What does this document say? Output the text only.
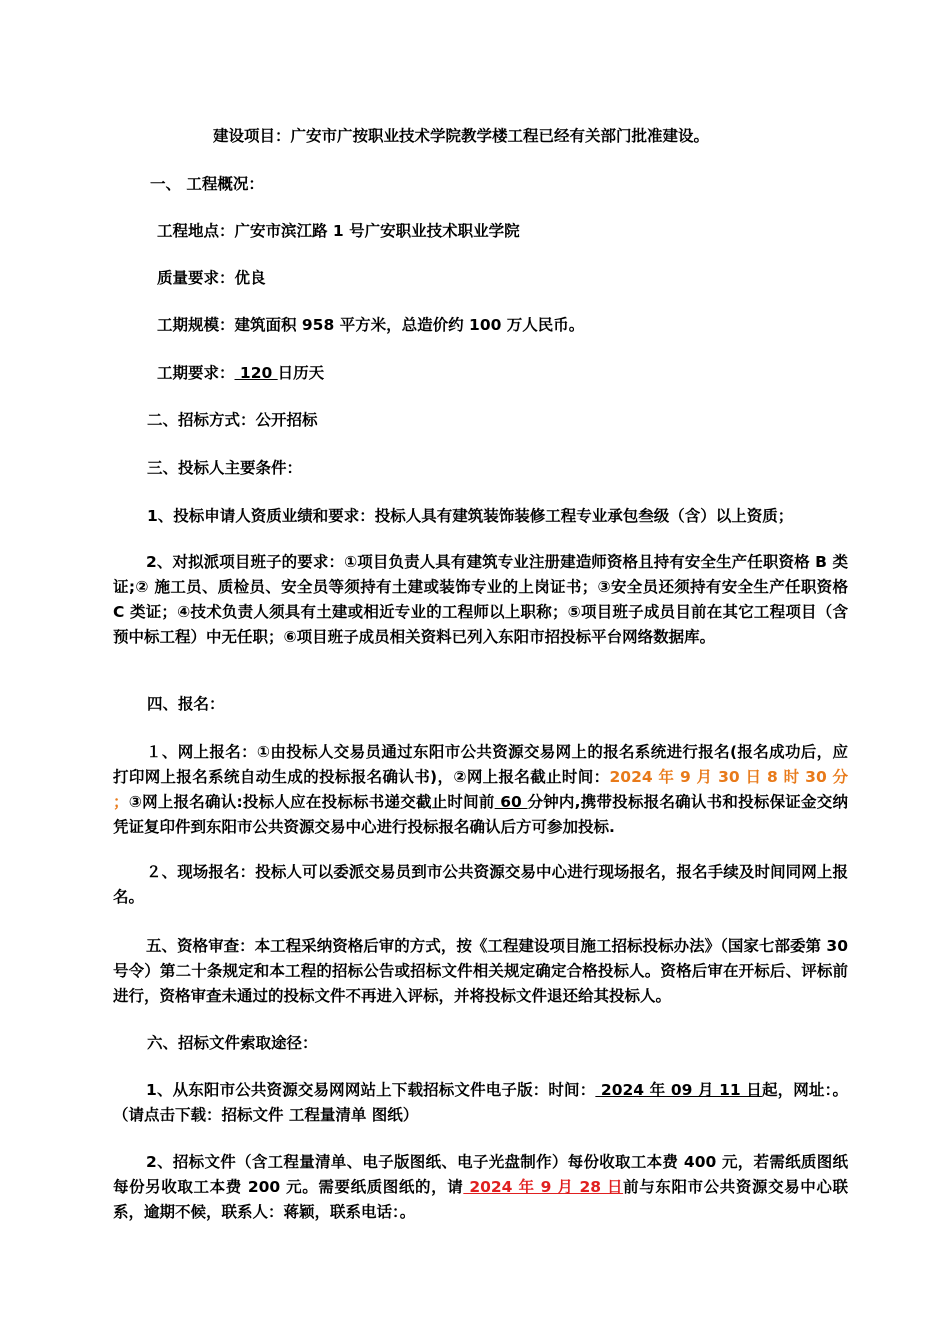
建设项目：广安市广按职业技术学院教学楼工程已经有关部门批准建设。
一、 工程概况：
工程地点：广安市滨江路 1 号广安职业技术职业学院
质量要求：优良
工期规模：建筑面积 958 平方米，总造价约 100 万人民币。
工期要求： 120 日历天
二、招标方式：公开招标
三、投标人主要条件：
1、投标申请人资质业绩和要求：投标人具有建筑装饰装修工程专业承包叁级（含）以上资质；
2、对拟派项目班子的要求：①项目负责人具有建筑专业注册建造师资格且持有安全生产任职资格 B 类证;② 施工员、质检员、安全员等须持有土建或装饰专业的上岗证书；③安全员还须持有安全生产任职资格 C 类证；④技术负责人须具有土建或相近专业的工程师以上职称；⑤项目班子成员目前在其它工程项目（含预中标工程）中无任职；⑥项目班子成员相关资料已列入东阳市招投标平台网络数据库。
四、报名：
１、网上报名：①由投标人交易员通过东阳市公共资源交易网上的报名系统进行报名(报名成功后，应打印网上报名系统自动生成的投标报名确认书)，②网上报名截止时间：2024 年 9 月 30 日 8 时 30 分 ；③网上报名确认:投标人应在投标标书递交截止时间前 60 分钟内,携带投标报名确认书和投标保证金交纳凭证复印件到东阳市公共资源交易中心进行投标报名确认后方可参加投标.
２、现场报名：投标人可以委派交易员到市公共资源交易中心进行现场报名，报名手续及时间同网上报名。
五、资格审查：本工程采纳资格后审的方式，按《工程建设项目施工招标投标办法》（国家七部委第 30 号令）第二十条规定和本工程的招标公告或招标文件相关规定确定合格投标人。资格后审在开标后、评标前进行，资格审查未通过的投标文件不再进入评标，并将投标文件退还给其投标人。
六、招标文件索取途径：
1、从东阳市公共资源交易网网站上下载招标文件电子版：时间： 2024 年 09 月 11 日起，网址：。 （请点击下载：招标文件 工程量清单 图纸）
2、招标文件（含工程量清单、电子版图纸、电子光盘制作）每份收取工本费 400 元，若需纸质图纸每份另收取工本费 200 元。需要纸质图纸的，请 2024 年 9 月 28 日前与东阳市公共资源交易中心联系，逾期不候，联系人：蒋颖，联系电话：。
